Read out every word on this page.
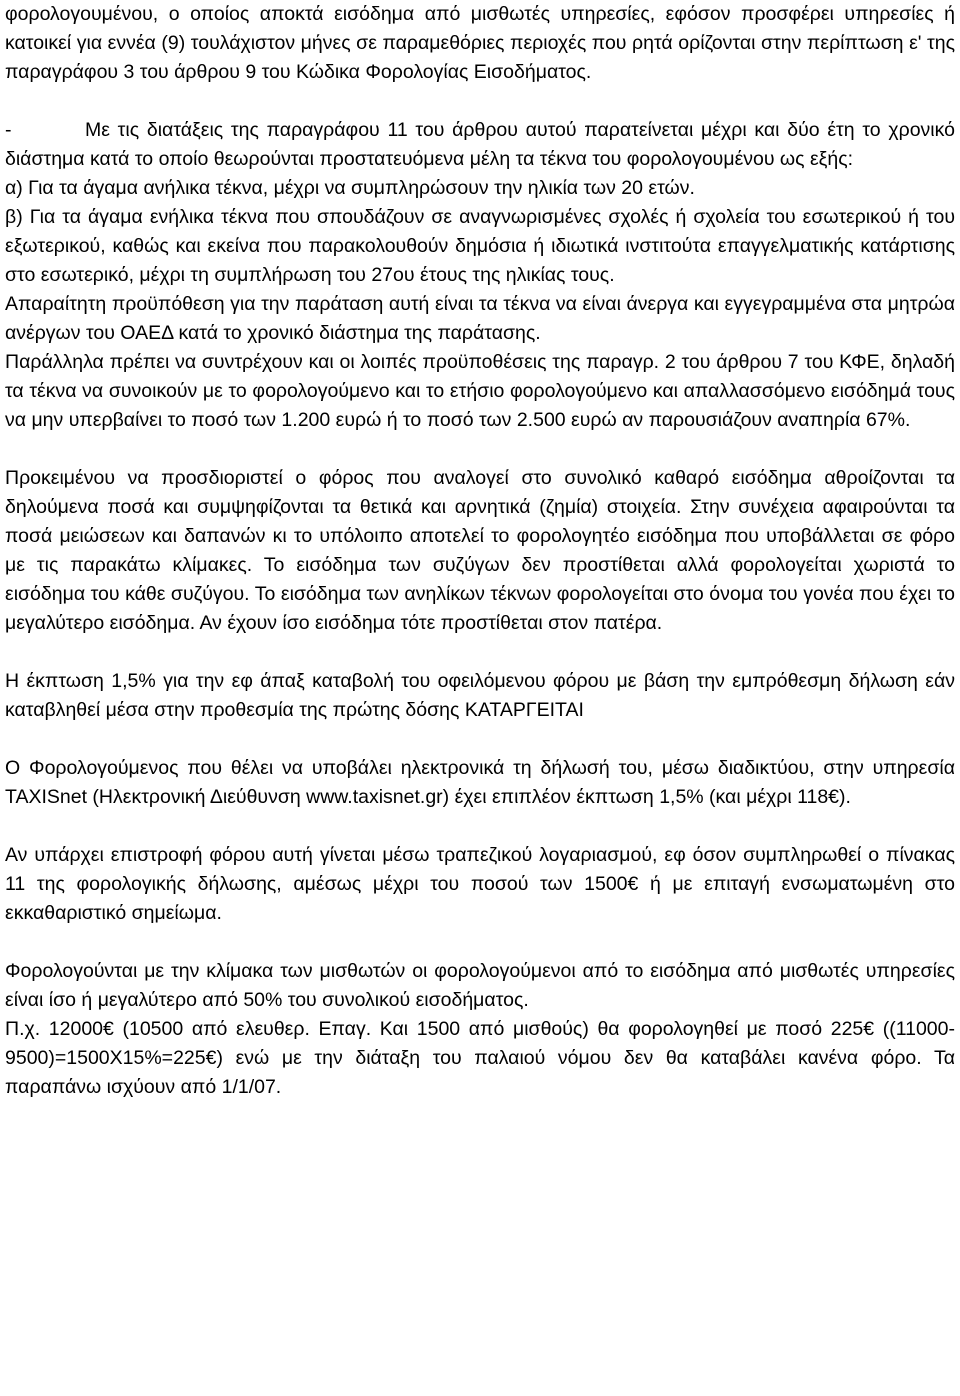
φορολογουμένου, ο οποίος αποκτά εισόδημα από μισθωτές υπηρεσίες, εφόσον προσφέρει υπηρεσίες ή κατοικεί για εννέα (9) τουλάχιστον μήνες σε παραμεθόριες περιοχές που ρητά ορίζονται στην περίπτωση ε' της παραγράφου 3 του άρθρου 9 του Κώδικα Φορολογίας Εισοδήματος.

-	Με τις διατάξεις της παραγράφου 11 του άρθρου αυτού παρατείνεται μέχρι και δύο έτη το χρονικό διάστημα κατά το οποίο θεωρούνται προστατευόμενα μέλη τα τέκνα του φορολογουμένου ως εξής:

α) Για τα άγαμα ανήλικα τέκνα, μέχρι να συμπληρώσουν την ηλικία των 20 ετών.

β) Για τα άγαμα ενήλικα τέκνα που σπουδάζουν σε αναγνωρισμένες σχολές ή σχολεία του εσωτερικού ή του εξωτερικού, καθώς και εκείνα που παρακολουθούν δημόσια ή ιδιωτικά ινστιτούτα επαγγελματικής κατάρτισης στο εσωτερικό, μέχρι τη συμπλήρωση του 27ου έτους της ηλικίας τους.

Απαραίτητη προϋπόθεση για την παράταση αυτή είναι τα τέκνα να είναι άνεργα και εγγεγραμμένα στα μητρώα ανέργων του ΟΑΕΔ κατά το χρονικό διάστημα της παράτασης.

Παράλληλα πρέπει να συντρέχουν και οι λοιπές προϋποθέσεις της παραγρ. 2 του άρθρου 7 του ΚΦΕ, δηλαδή τα τέκνα να συνοικούν με το φορολογούμενο και το ετήσιο φορολογούμενο και απαλλασσόμενο εισόδημά τους να μην υπερβαίνει το ποσό των 1.200 ευρώ ή το ποσό των 2.500 ευρώ αν παρουσιάζουν αναπηρία 67%.

Προκειμένου να προσδιοριστεί ο φόρος που αναλογεί στο συνολικό καθαρό εισόδημα αθροίζονται τα δηλούμενα ποσά και συμψηφίζονται τα θετικά και αρνητικά (ζημία) στοιχεία. Στην συνέχεια αφαιρούνται τα ποσά μειώσεων και δαπανών κι το υπόλοιπο αποτελεί το φορολογητέο εισόδημα που υποβάλλεται σε φόρο με τις παρακάτω κλίμακες. Το εισόδημα των συζύγων δεν προστίθεται αλλά φορολογείται χωριστά το εισόδημα του κάθε συζύγου. Το εισόδημα των ανηλίκων τέκνων φορολογείται στο όνομα του γονέα που έχει το μεγαλύτερο εισόδημα. Αν έχουν ίσο εισόδημα τότε προστίθεται στον πατέρα.

Η έκπτωση 1,5% για την εφ άπαξ καταβολή του οφειλόμενου φόρου με βάση την εμπρόθεσμη δήλωση εάν καταβληθεί μέσα στην προθεσμία της πρώτης δόσης ΚΑΤΑΡΓΕΙΤΑΙ

Ο Φορολογούμενος που θέλει να υποβάλει ηλεκτρονικά τη δήλωσή του, μέσω διαδικτύου, στην υπηρεσία TAXISnet (Ηλεκτρονική Διεύθυνση www.taxisnet.gr) έχει επιπλέον έκπτωση 1,5% (και μέχρι 118€).

Αν υπάρχει επιστροφή φόρου αυτή γίνεται μέσω τραπεζικού λογαριασμού, εφ όσον συμπληρωθεί ο πίνακας 11 της φορολογικής δήλωσης, αμέσως μέχρι του ποσού των 1500€ ή με επιταγή ενσωματωμένη στο εκκαθαριστικό σημείωμα.

Φορολογούνται με την κλίμακα των μισθωτών οι φορολογούμενοι από το εισόδημα από μισθωτές υπηρεσίες είναι ίσο ή μεγαλύτερο από 50% του συνολικού εισοδήματος.

Π.χ. 12000€ (10500 από ελευθερ. Επαγ. Και 1500 από μισθούς) θα φορολογηθεί με ποσό 225€ ((11000-9500)=1500Χ15%=225€) ενώ με την διάταξη του παλαιού νόμου δεν θα καταβάλει κανένα φόρο. Τα παραπάνω ισχύουν από 1/1/07.
